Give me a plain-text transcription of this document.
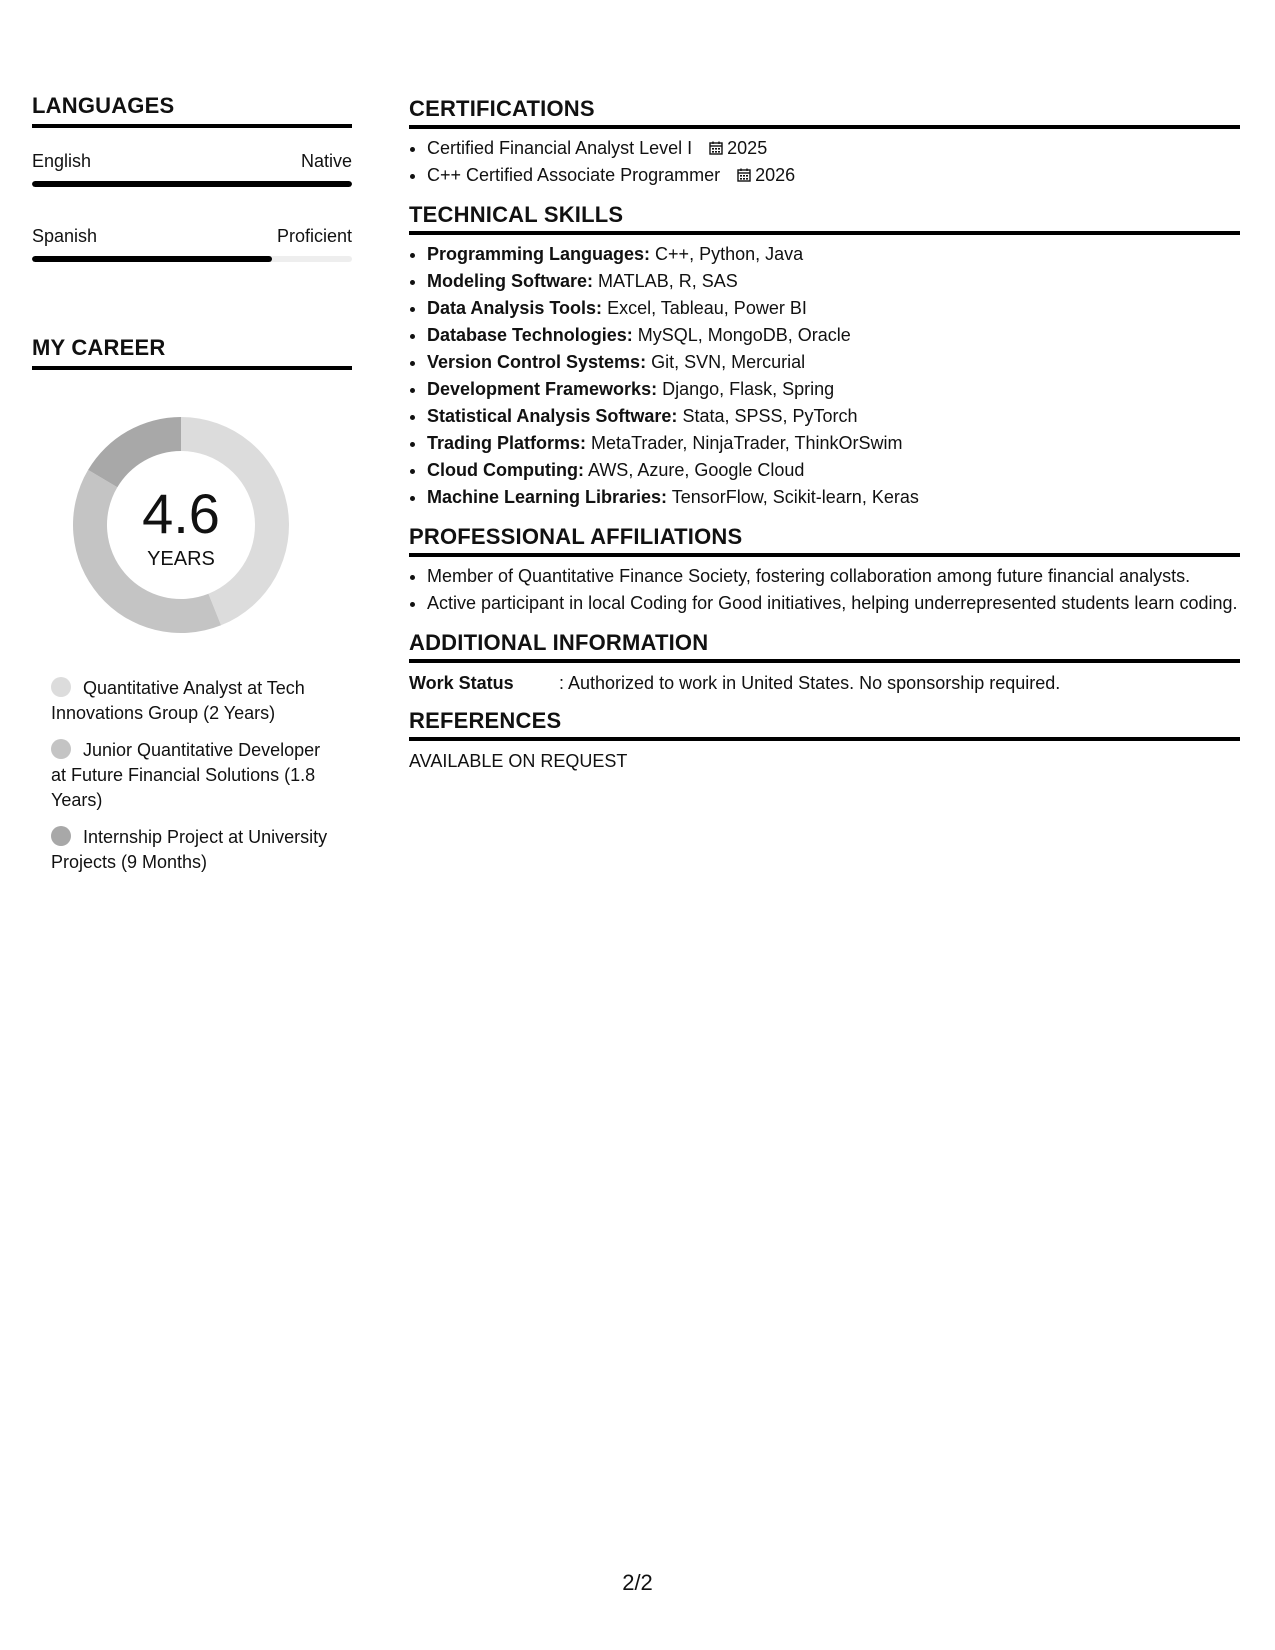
LANGUAGES
English	Native
Spanish	Proficient
MY CAREER
4.6
YEARS
Quantitative Analyst at Tech Innovations Group (2 Years)
Junior Quantitative Developer at Future Financial Solutions (1.8 Years)
Internship Project at University Projects (9 Months)
CERTIFICATIONS
• Certified Financial Analyst Level I 2025
• C++ Certified Associate Programmer 2026
TECHNICAL SKILLS
• Programming Languages: C++, Python, Java
• Modeling Software: MATLAB, R, SAS
• Data Analysis Tools: Excel, Tableau, Power BI
• Database Technologies: MySQL, MongoDB, Oracle
• Version Control Systems: Git, SVN, Mercurial
• Development Frameworks: Django, Flask, Spring
• Statistical Analysis Software: Stata, SPSS, PyTorch
• Trading Platforms: MetaTrader, NinjaTrader, ThinkOrSwim
• Cloud Computing: AWS, Azure, Google Cloud
• Machine Learning Libraries: TensorFlow, Scikit-learn, Keras
PROFESSIONAL AFFILIATIONS
• Member of Quantitative Finance Society, fostering collaboration among future financial analysts.
• Active participant in local Coding for Good initiatives, helping underrepresented students learn coding.
ADDITIONAL INFORMATION
Work Status	: Authorized to work in United States. No sponsorship required.
REFERENCES
AVAILABLE ON REQUEST
2/2
